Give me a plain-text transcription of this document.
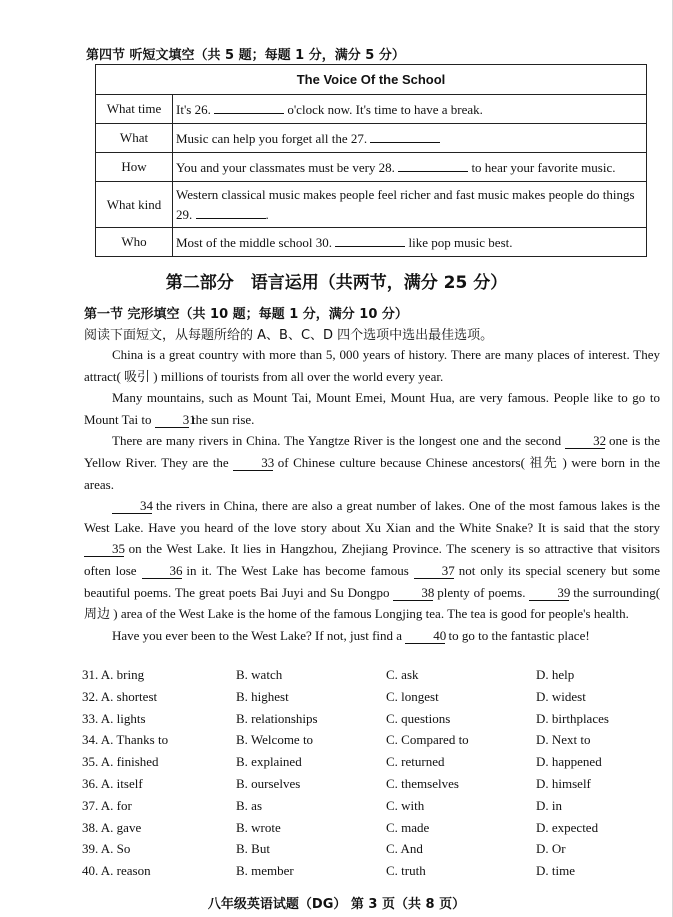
第四节 听短文填空（共 5 题；每题 1 分，满分 5 分）
The Voice Of the School	
What time	It's 26. o'clock now. It's time to have a break.
What	Music can help you forget all the 27.
How	You and your classmates must be very 28. to hear your favorite music.
What kind	Western classical music makes people feel richer and fast music makes people do things 29. .
Who	Most of the middle school 30. like pop music best.
第二部分　语言运用（共两节，满分 25 分）
第一节 完形填空（共 10 题；每题 1 分，满分 10 分）
阅读下面短文，从每题所给的 A、B、C、D 四个选项中选出最佳选项。

China is a great country with more than 5, 000 years of history. There are many places of interest. They attract( 吸引 ) millions of tourists from all over the world every year.

Many mountains, such as Mount Tai, Mount Emei, Mount Hua, are very famous. People like to go to Mount Tai to 31 the sun rise.

There are many rivers in China. The Yangtze River is the longest one and the second 32 one is the Yellow River. They are the	33 of Chinese culture because Chinese ancestors( 祖先 ) were born in the areas.

34 the rivers in China, there are also a great number of lakes. One of the most famous lakes is the West Lake. Have you heard of the love story about Xu Xian and the White Snake? It is said that the story 35 on the West Lake. It lies in Hangzhou, Zhejiang Province. The scenery is so attractive that visitors often lose	36 in it. The West Lake has become famous	37 not only its special scenery but some beautiful poems. The great poets Bai Juyi and Su Dongpo 38 plenty of poems. 39 the surrounding( 周边 ) area of the West Lake is the home of the famous Longjing tea. The tea is good for people's health.

Have you ever been to the West Lake? If not, just find a 40 to go to the fantastic place!

31. A. bring	B. watch	C. ask	D. help
32. A. shortest	B. highest	C. longest	D. widest
33. A. lights	B. relationships	C. questions	D. birthplaces
34. A. Thanks to	B. Welcome to	C. Compared to	D. Next to
35. A. finished	B. explained	C. returned	D. happened
36. A. itself	B. ourselves	C. themselves	D. himself
37. A. for	B. as	C. with	D. in
38. A. gave	B. wrote	C. made	D. expected
39. A. So	B. But	C. And	D. Or
40. A. reason	B. member	C. truth	D. time
八年级英语试题（DG） 第 3 页（共 8 页）
